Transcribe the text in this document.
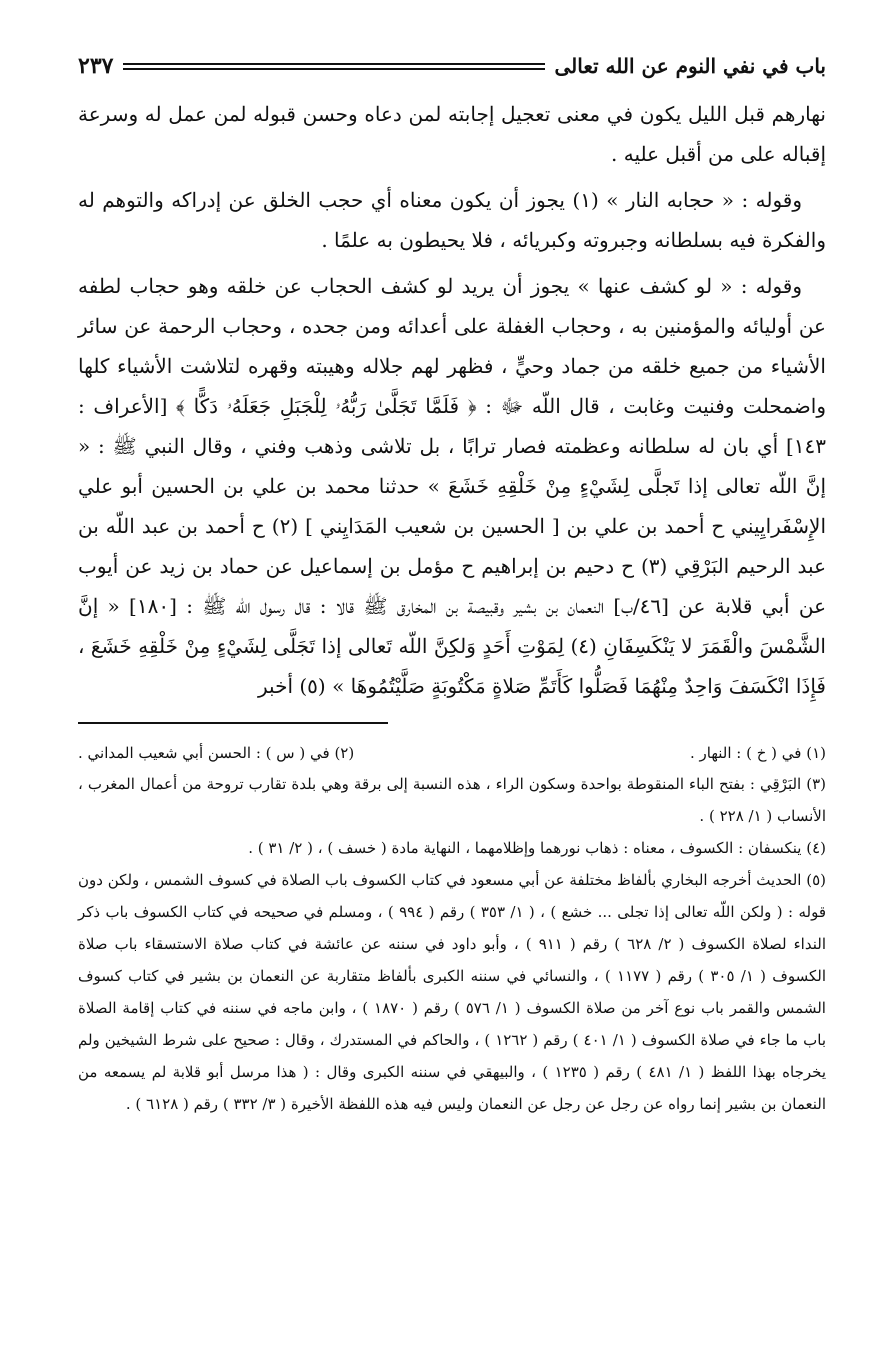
باب في نفي النوم عن الله تعالى
٢٣٧

نهارهم قبل الليل يكون في معنى تعجيل إجابته لمن دعاه وحسن قبوله لمن عمل له وسرعة إقباله على من أقبل عليه .

وقوله : « حجابه النار » (١) يجوز أن يكون معناه أي حجب الخلق عن إدراكه والتوهم له والفكرة فيه بسلطانه وجبروته وكبريائه ، فلا يحيطون به علمًا .

وقوله : « لو كشف عنها » يجوز أن يريد لو كشف الحجاب عن خلقه وهو حجاب لطفه عن أوليائه والمؤمنين به ، وحجاب الغفلة على أعدائه ومن جحده ، وحجاب الرحمة عن سائر الأشياء من جميع خلقه من جماد وحيٍّ ، فظهر لهم جلاله وهيبته وقهره لتلاشت الأشياء كلها واضمحلت وفنيت وغابت ، قال اللّه ﷻ : ﴿ فَلَمَّا تَجَلَّىٰ رَبُّهُۥ لِلْجَبَلِ جَعَلَهُۥ دَكًّا ﴾ [الأعراف : ١٤٣] أي بان له سلطانه وعظمته فصار ترابًا ، بل تلاشى وذهب وفني ، وقال النبي ﷺ : « إنَّ اللّه تعالى إذا تَجلَّى لِشَيْءٍ مِنْ خَلْقِهِ خَشَعَ » حدثنا محمد بن علي بن الحسين أبو علي الإِسْفَرايِيني ح أحمد بن علي بن [ الحسين بن شعيب المَدَايِني ] (٢) ح أحمد بن عبد اللّه بن عبد الرحيم البَرْقِي (٣) ح دحيم بن إبراهيم ح مؤمل بن إسماعيل عن حماد بن زيد عن أيوب عن أبي قلابة عن [٤٦/ب] النعمان بن بشير وقبيصة بن المخارق ﷺ قالا : قال رسول اللّه ﷺ : [١٨٠] « إنَّ الشَّمْسَ والْقَمَرَ لا يَنْكَسِفَانِ (٤) لِمَوْتِ أَحَدٍ وَلكِنَّ اللّه تَعالى إذا تَجَلَّى لِشَيْءٍ مِنْ خَلْقِهِ خَشَعَ ، فَإِذَا انْكَسَفَ وَاحِدٌ مِنْهُمَا فَصَلُّوا كَأَتَمِّ صَلاةٍ مَكْتُوبَةٍ صَلَّيْتُمُوهَا » (٥) أخبر

(١) في ( خ ) : النهار .
(٢) في ( س ) : الحسن أبي شعيب المداني .

(٣) البَرْقِي : بفتح الباء المنقوطة بواحدة وسكون الراء ، هذه النسبة إلى برقة وهي بلدة تقارب تروحة من أعمال المغرب ، الأنساب ( ١/ ٢٢٨ ) .

(٤) ينكسفان : الكسوف ، معناه : ذهاب نورهما وإظلامهما ، النهاية مادة ( خسف ) ، ( ٢/ ٣١ ) .

(٥) الحديث أخرجه البخاري بألفاظ مختلفة عن أبي مسعود في كتاب الكسوف باب الصلاة في كسوف الشمس ، ولكن دون قوله : ( ولكن اللّه تعالى إذا تجلى ... خشع ) ، ( ١/ ٣٥٣ ) رقم ( ٩٩٤ ) ، ومسلم في صحيحه في كتاب الكسوف باب ذكر النداء لصلاة الكسوف ( ٢/ ٦٢٨ ) رقم ( ٩١١ ) ، وأبو داود في سننه عن عائشة في كتاب صلاة الاستسقاء باب صلاة الكسوف ( ١/ ٣٠٥ ) رقم ( ١١٧٧ ) ، والنسائي في سننه الكبرى بألفاظ متقاربة عن النعمان بن بشير في كتاب كسوف الشمس والقمر باب نوع آخر من صلاة الكسوف ( ١/ ٥٧٦ ) رقم ( ١٨٧٠ ) ، وابن ماجه في سننه في كتاب إقامة الصلاة باب ما جاء في صلاة الكسوف ( ١/ ٤٠١ ) رقم ( ١٢٦٢ ) ، والحاكم في المستدرك ، وقال : صحيح على شرط الشيخين ولم يخرجاه بهذا اللفظ ( ١/ ٤٨١ ) رقم ( ١٢٣٥ ) ، والبيهقي في سننه الكبرى وقال : ( هذا مرسل أبو قلابة لم يسمعه من النعمان بن بشير إنما رواه عن رجل عن رجل عن النعمان وليس فيه هذه اللفظة الأخيرة ( ٣/ ٣٣٢ ) رقم ( ٦١٢٨ ) .
